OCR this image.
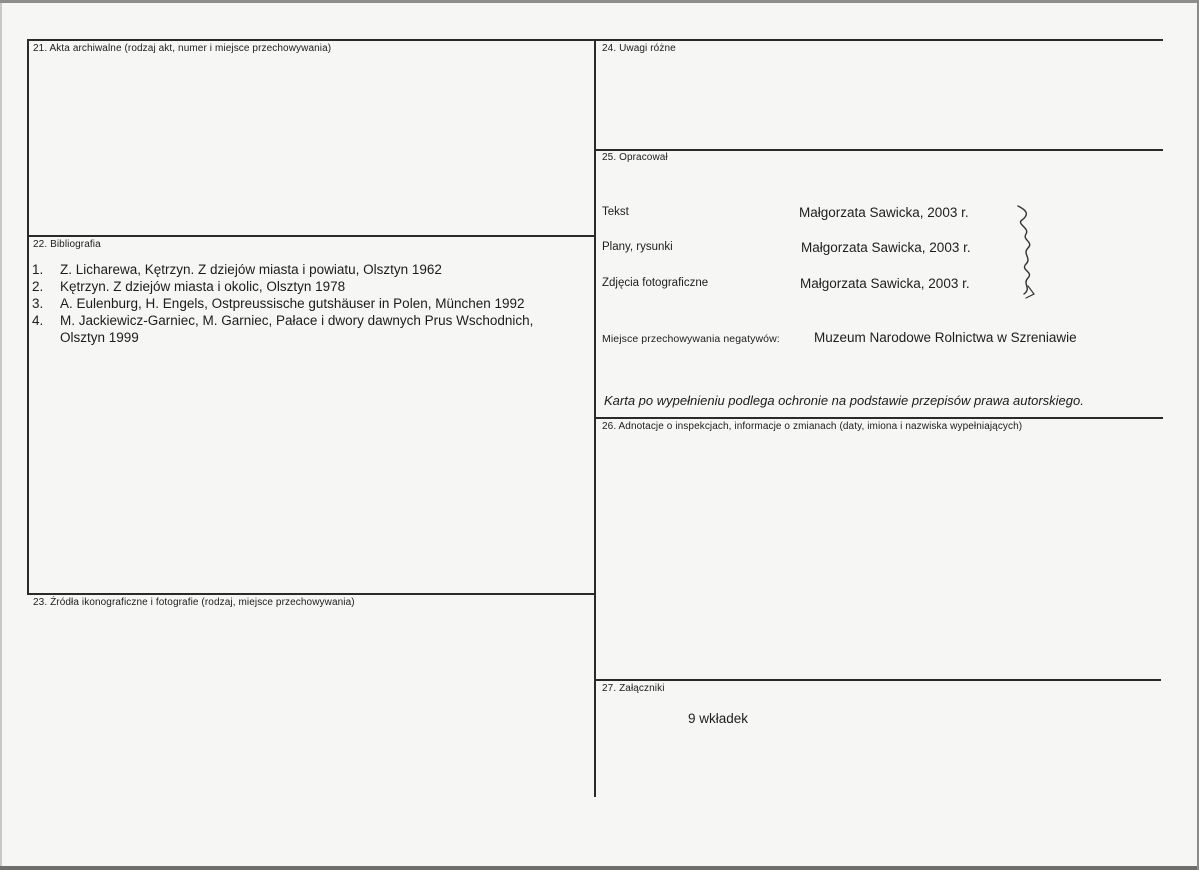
21. Akta archiwalne (rodzaj akt, numer i miejsce przechowywania)
22. Bibliografia
1. Z. Licharewa, Kętrzyn. Z dziejów miasta i powiatu, Olsztyn 1962
2. Kętrzyn. Z dziejów miasta i okolic, Olsztyn 1978
3. A. Eulenburg, H. Engels, Ostpreussische gutshäuser in Polen, München 1992
4. M. Jackiewicz-Garniec, M. Garniec, Pałace i dwory dawnych Prus Wschodnich,
Olsztyn 1999
23. Źródła ikonograficzne i fotografie (rodzaj, miejsce przechowywania)
24. Uwagi różne
25. Opracował
Tekst	Małgorzata Sawicka, 2003 r.
Plany, rysunki	Małgorzata Sawicka, 2003 r.
Zdjęcia fotograficzne	Małgorzata Sawicka, 2003 r.
Miejsce przechowywania negatywów:	Muzeum Narodowe Rolnictwa w Szreniawie
Karta po wypełnieniu podlega ochronie na podstawie przepisów prawa autorskiego.
26. Adnotacje o inspekcjach, informacje o zmianach (daty, imiona i nazwiska wypełniających)
27. Załączniki
9 wkładek
